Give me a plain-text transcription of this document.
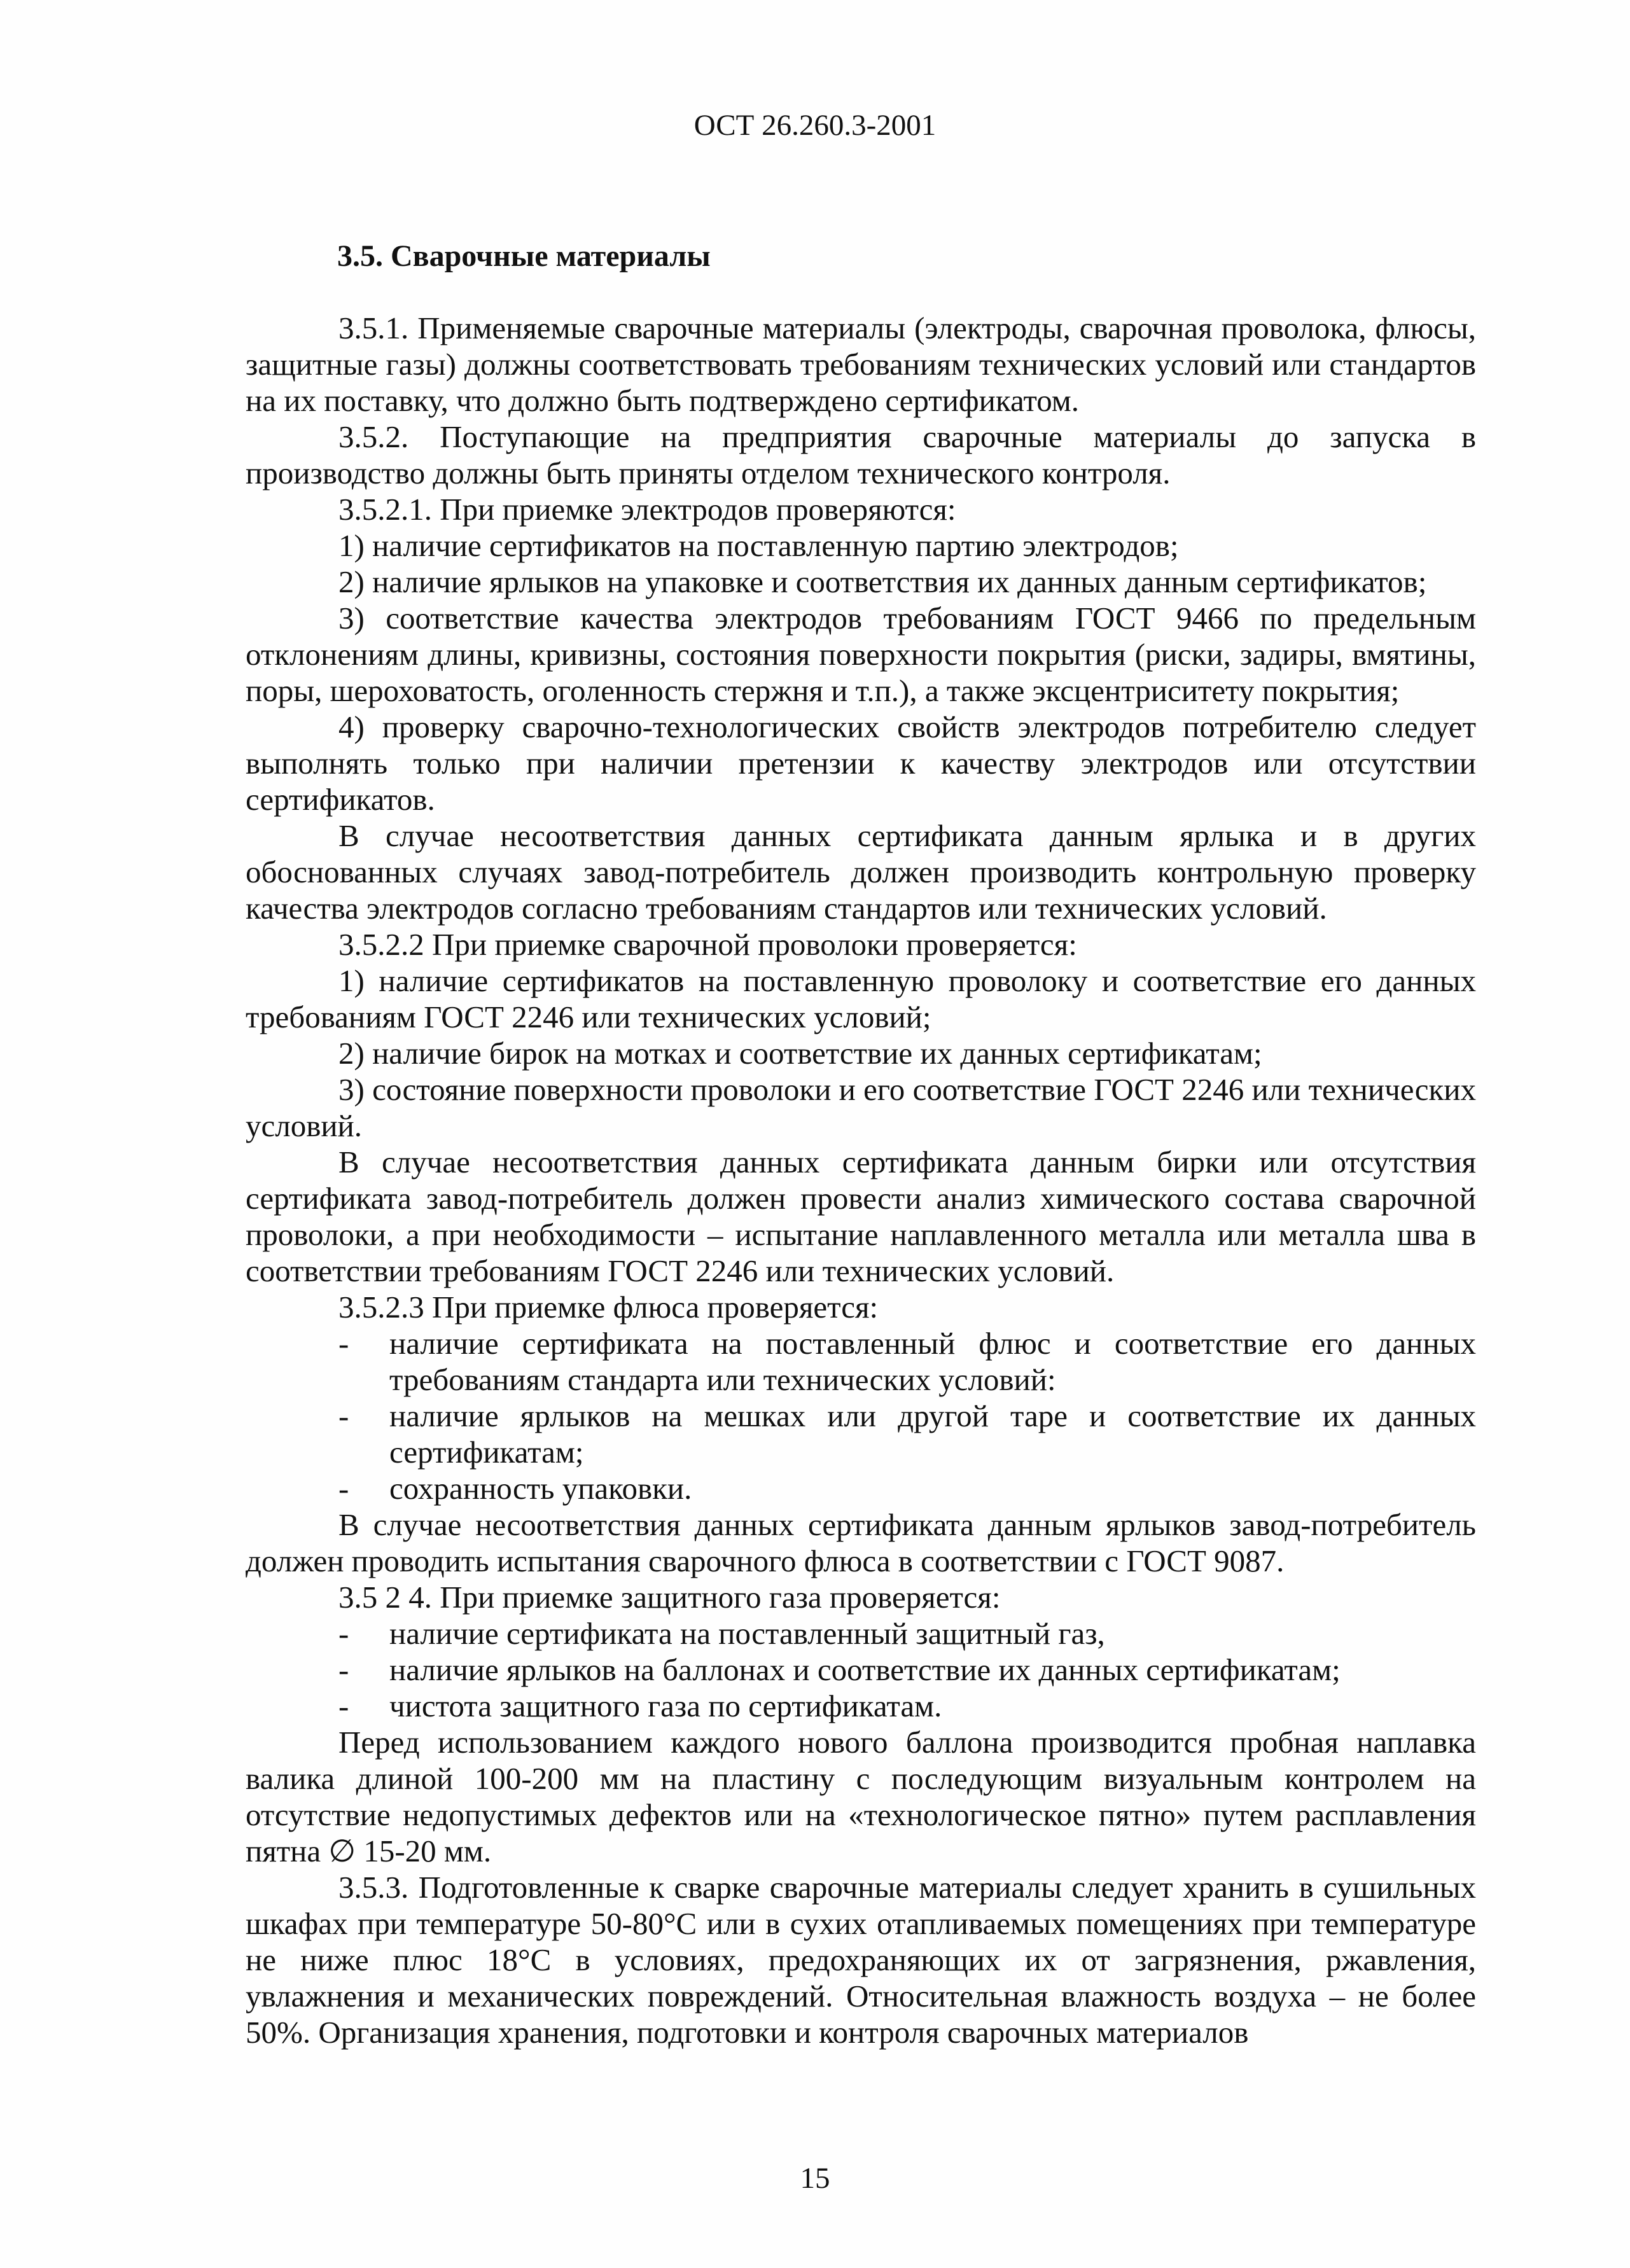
ОСТ 26.260.3-2001
3.5. Сварочные материалы

3.5.1. Применяемые сварочные материалы (электроды, сварочная проволока, флюсы, защитные газы) должны соответствовать требованиям технических условий или стандартов на их поставку, что должно быть подтверждено сертификатом.

3.5.2. Поступающие на предприятия сварочные материалы до запуска в производство должны быть приняты отделом технического контроля.

3.5.2.1. При приемке электродов проверяются:

1) наличие сертификатов на поставленную партию электродов;

2) наличие ярлыков на упаковке и соответствия их данных данным сертификатов;

3) соответствие качества электродов требованиям ГОСТ 9466 по предельным отклонениям длины, кривизны, состояния поверхности покрытия (риски, задиры, вмятины, поры, шероховатость, оголенность стержня и т.п.), а также эксцентриситету покрытия;

4) проверку сварочно-технологических свойств электродов потребителю следует выполнять только при наличии претензии к качеству электродов или отсутствии сертификатов.

В случае несоответствия данных сертификата данным ярлыка и в других обоснованных случаях завод-потребитель должен производить контрольную проверку качества электродов согласно требованиям стандартов или технических условий.

3.5.2.2 При приемке сварочной проволоки проверяется:

1) наличие сертификатов на поставленную проволоку и соответствие его данных требованиям ГОСТ 2246 или технических условий;

2) наличие бирок на мотках и соответствие их данных сертификатам;

3) состояние поверхности проволоки и его соответствие ГОСТ 2246 или технических условий.

В случае несоответствия данных сертификата данным бирки или отсутствия сертификата завод-потребитель должен провести анализ химического состава сварочной проволоки, а при необходимости – испытание наплавленного металла или металла шва в соответствии требованиям ГОСТ 2246 или технических условий.

3.5.2.3 При приемке флюса проверяется:

-	наличие сертификата на поставленный флюс и соответствие его данных требованиям стандарта или технических условий:
-	наличие ярлыков на мешках или другой таре и соответствие их данных сертификатам;
-	сохранность упаковки.

В случае несоответствия данных сертификата данным ярлыков завод-потребитель должен проводить испытания сварочного флюса в соответствии с ГОСТ 9087.

3.5 2 4. При приемке защитного газа проверяется:

-	наличие сертификата на поставленный защитный газ,
-	наличие ярлыков на баллонах и соответствие их данных сертификатам;
-	чистота защитного газа по сертификатам.

Перед использованием каждого нового баллона производится пробная наплавка валика длиной 100-200 мм на пластину с последующим визуальным контролем на отсутствие недопустимых дефектов или на «технологическое пятно» путем расплавления пятна ∅ 15-20 мм.

3.5.3. Подготовленные к сварке сварочные материалы следует хранить в сушильных шкафах при температуре 50-80°С или в сухих отапливаемых помещениях при температуре не ниже плюс 18°С в условиях, предохраняющих их от загрязнения, ржавления, увлажнения и механических повреждений. Относительная влажность воздуха – не более 50%. Организация хранения, подготовки и контроля сварочных материалов

15
